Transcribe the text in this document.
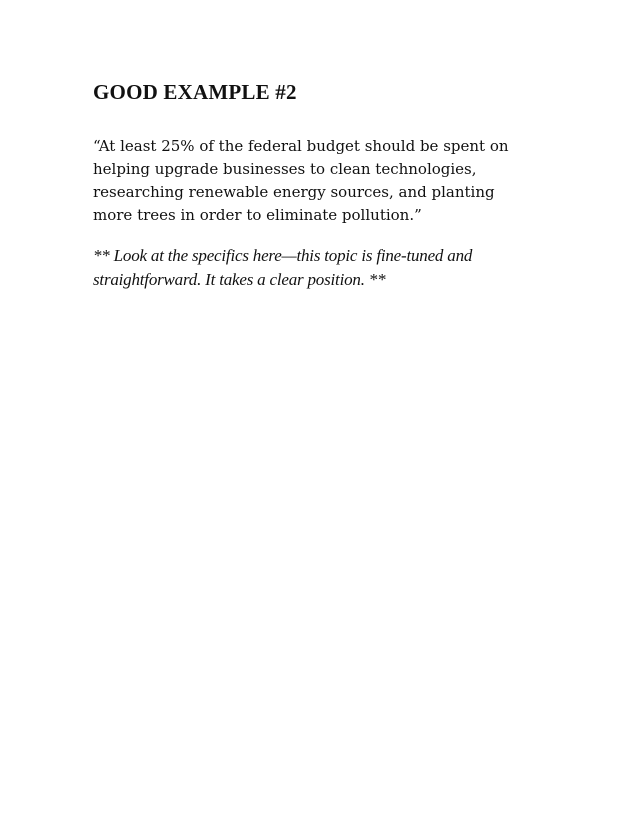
GOOD EXAMPLE #2

“At least 25% of the federal budget should be spent on
helping upgrade businesses to clean technologies,
researching renewable energy sources, and planting
more trees in order to eliminate pollution.”

** Look at the specifics here—this topic is fine-tuned and
straightforward. It takes a clear position. **
